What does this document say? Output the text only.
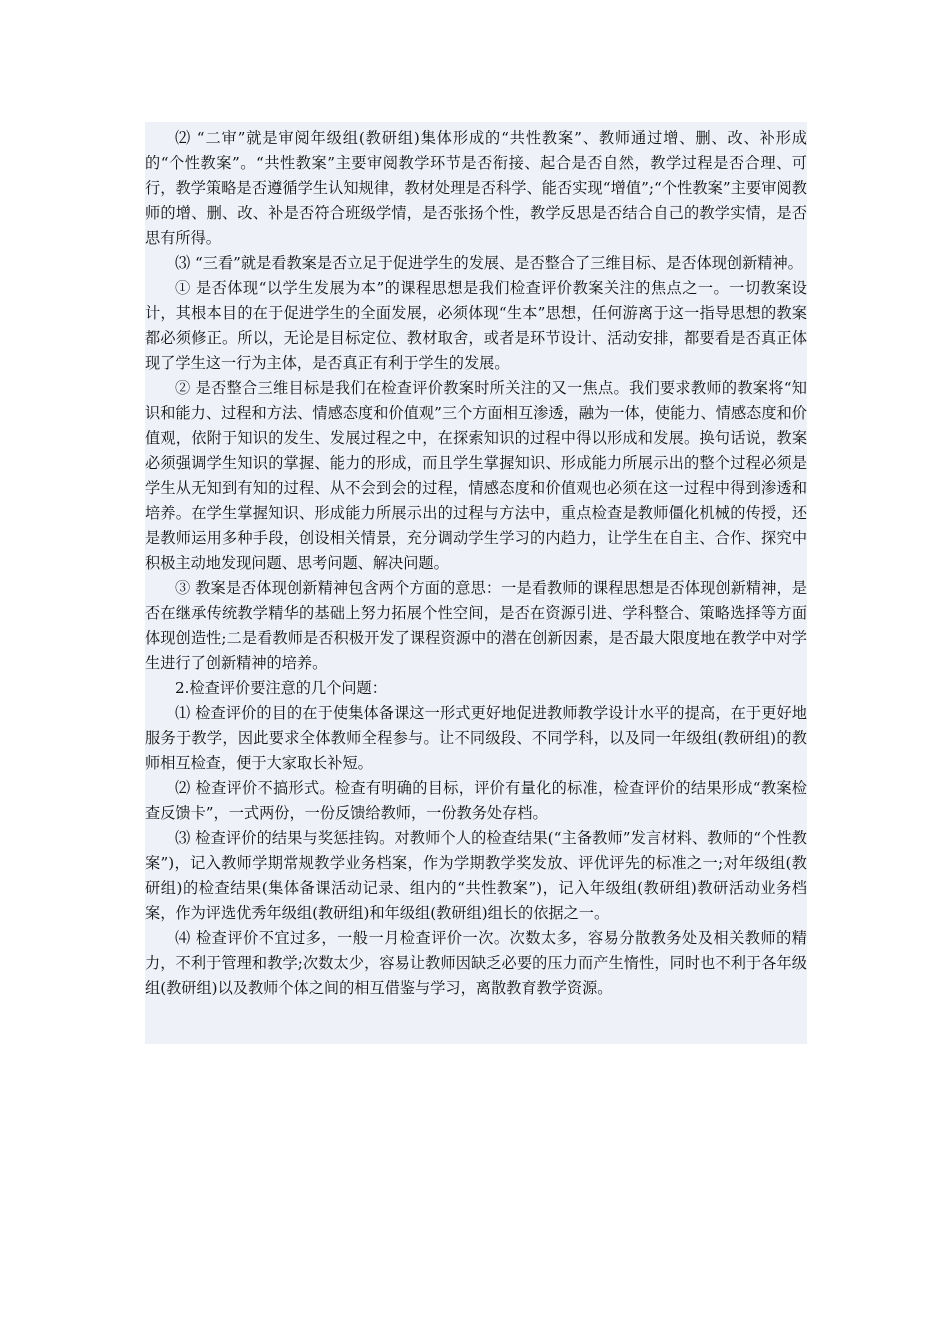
⑵ “二审”就是审阅年级组(教研组)集体形成的“共性教案”、教师通过增、删、改、补形成的“个性教案”。“共性教案”主要审阅教学环节是否衔接、起合是否自然，教学过程是否合理、可行，教学策略是否遵循学生认知规律，教材处理是否科学、能否实现“增值”;“个性教案”主要审阅教师的增、删、改、补是否符合班级学情，是否张扬个性，教学反思是否结合自己的教学实情，是否思有所得。

⑶ “三看”就是看教案是否立足于促进学生的发展、是否整合了三维目标、是否体现创新精神。

① 是否体现“以学生发展为本”的课程思想是我们检查评价教案关注的焦点之一。一切教案设计，其根本目的在于促进学生的全面发展，必须体现“生本”思想，任何游离于这一指导思想的教案都必须修正。所以，无论是目标定位、教材取舍，或者是环节设计、活动安排，都要看是否真正体现了学生这一行为主体，是否真正有利于学生的发展。

② 是否整合三维目标是我们在检查评价教案时所关注的又一焦点。我们要求教师的教案将“知识和能力、过程和方法、情感态度和价值观”三个方面相互渗透，融为一体，使能力、情感态度和价值观，依附于知识的发生、发展过程之中，在探索知识的过程中得以形成和发展。换句话说，教案必须强调学生知识的掌握、能力的形成，而且学生掌握知识、形成能力所展示出的整个过程必须是学生从无知到有知的过程、从不会到会的过程，情感态度和价值观也必须在这一过程中得到渗透和培养。在学生掌握知识、形成能力所展示出的过程与方法中，重点检查是教师僵化机械的传授，还是教师运用多种手段，创设相关情景，充分调动学生学习的内趋力，让学生在自主、合作、探究中积极主动地发现问题、思考问题、解决问题。

③ 教案是否体现创新精神包含两个方面的意思：一是看教师的课程思想是否体现创新精神，是否在继承传统教学精华的基础上努力拓展个性空间，是否在资源引进、学科整合、策略选择等方面体现创造性;二是看教师是否积极开发了课程资源中的潜在创新因素，是否最大限度地在教学中对学生进行了创新精神的培养。

2.检查评价要注意的几个问题：

⑴ 检查评价的目的在于使集体备课这一形式更好地促进教师教学设计水平的提高，在于更好地服务于教学，因此要求全体教师全程参与。让不同级段、不同学科，以及同一年级组(教研组)的教师相互检查，便于大家取长补短。

⑵ 检查评价不搞形式。检查有明确的目标，评价有量化的标准，检查评价的结果形成“教案检查反馈卡”，一式两份，一份反馈给教师，一份教务处存档。

⑶ 检查评价的结果与奖惩挂钩。对教师个人的检查结果(“主备教师”发言材料、教师的“个性教案”)，记入教师学期常规教学业务档案，作为学期教学奖发放、评优评先的标准之一;对年级组(教研组)的检查结果(集体备课活动记录、组内的“共性教案”)，记入年级组(教研组)教研活动业务档案，作为评选优秀年级组(教研组)和年级组(教研组)组长的依据之一。

⑷ 检查评价不宜过多，一般一月检查评价一次。次数太多，容易分散教务处及相关教师的精力，不利于管理和教学;次数太少，容易让教师因缺乏必要的压力而产生惰性，同时也不利于各年级组(教研组)以及教师个体之间的相互借鉴与学习，离散教育教学资源。
